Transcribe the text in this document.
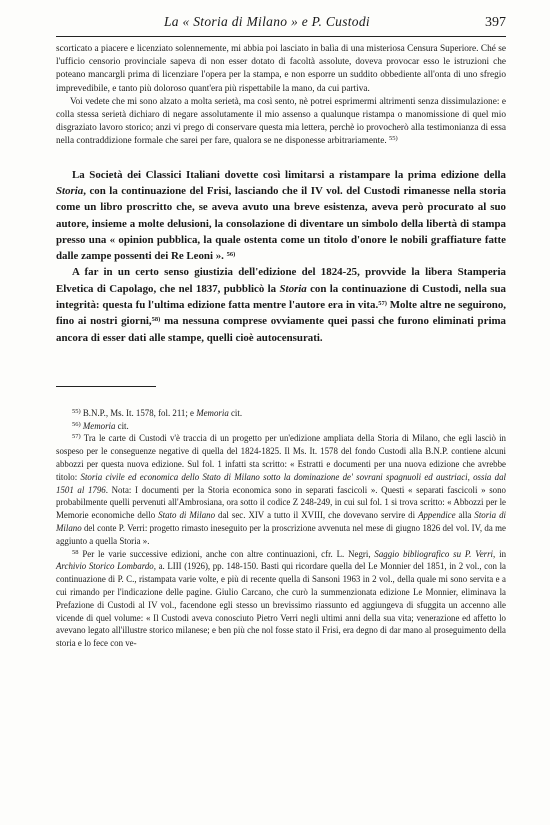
La « Storia di Milano » e P. Custodi	397

scorticato a piacere e licenziato solennemente, mi abbia poi lasciato in balìa di una misteriosa Censura Superiore. Ché se l'ufficio censorio provinciale sapeva di non esser dotato di facoltà assolute, doveva provocar esso le istruzioni che poteano mancargli prima di licenziare l'opera per la stampa, e non esporre un suddito obbediente all'onta di uno sfregio imprevedibile, e tanto più doloroso quant'era più rispettabile la mano, da cui partiva.

Voi vedete che mi sono alzato a molta serietà, ma così sento, nè potrei esprimermi altrimenti senza dissimulazione: e colla stessa serietà dichiaro di negare assolutamente il mio assenso a qualunque ristampa o manomissione di quel mio disgraziato lavoro storico; anzi vi prego di conservare questa mia lettera, perchè io provocherò alla testimonianza di essa nella contraddizione formale che sarei per fare, qualora se ne disponesse arbitrariamente. $^{55)}$

La Società dei Classici Italiani dovette così limitarsi a ristampare la prima edizione della Storia, con la continuazione del Frisi, lasciando che il IV vol. del Custodi rimanesse nella storia come un libro proscritto che, se aveva avuto una breve esistenza, aveva però procurato al suo autore, insieme a molte delusioni, la consolazione di diventare un simbolo della libertà di stampa presso una « opinion pubblica, la quale ostenta come un titolo d'onore le nobili graffiature fatte dalle zampe possenti dei Re Leoni ». $^{56)}$

A far in un certo senso giustizia dell'edizione del 1824-25, provvide la libera Stamperia Elvetica di Capolago, che nel 1837, pubblicò la Storia con la continuazione di Custodi, nella sua integrità: questa fu l'ultima edizione fatta mentre l'autore era in vita.$^{57)}$ Molte altre ne seguirono, fino ai nostri giorni,$^{58)}$ ma nessuna comprese ovviamente quei passi che furono eliminati prima ancora di esser dati alle stampe, quelli cioè autocensurati.

$^{55)}$ B.N.P., Ms. It. 1578, fol. 211; e Memoria cit.

$^{56)}$ Memoria cit.

$^{57)}$ Tra le carte di Custodi v'è traccia di un progetto per un'edizione ampliata della Storia di Milano, che egli lasciò in sospeso per le conseguenze negative di quella del 1824-1825. Il Ms. It. 1578 del fondo Custodi alla B.N.P. contiene alcuni abbozzi per questa nuova edizione. Sul fol. 1 infatti sta scritto: « Estratti e documenti per una nuova edizione che avrebbe titolo: Storia civile ed economica dello Stato di Milano sotto la dominazione de' sovrani spagnuoli ed austriaci, ossia dal 1501 al 1796. Nota: I documenti per la Storia economica sono in separati fascicoli ». Questi « separati fascicoli » sono probabilmente quelli pervenuti all'Ambrosiana, ora sotto il codice Z 248-249, in cui sul fol. 1 si trova scritto: « Abbozzi per le Memorie economiche dello Stato di Milano dal sec. XIV a tutto il XVIII, che dovevano servire di Appendice alla Storia di Milano del conte P. Verri: progetto rimasto ineseguito per la proscrizione avvenuta nel mese di giugno 1826 del vol. IV, da me aggiunto a quella Storia ».

$^{58}$ Per le varie successive edizioni, anche con altre continuazioni, cfr. L. Negri, Saggio bibliografico su P. Verri, in Archivio Storico Lombardo, a. LIII (1926), pp. 148-150. Basti qui ricordare quella del Le Monnier del 1851, in 2 vol., con la continuazione di P. C., ristampata varie volte, e più di recente quella di Sansoni 1963 in 2 vol., della quale mi sono servita e a cui rimando per l'indicazione delle pagine. Giulio Carcano, che curò la summenzionata edizione Le Monnier, eliminava la Prefazione di Custodi al IV vol., facendone egli stesso un brevissimo riassunto ed aggiungeva di sfuggita un accenno alle vicende di quel volume: « Il Custodi aveva conosciuto Pietro Verri negli ultimi anni della sua vita; venerazione ed affetto lo avevano legato all'illustre storico milanese; e ben più che nol fosse stato il Frisi, era degno di dar mano al proseguimento della storia e lo fece con ve-
